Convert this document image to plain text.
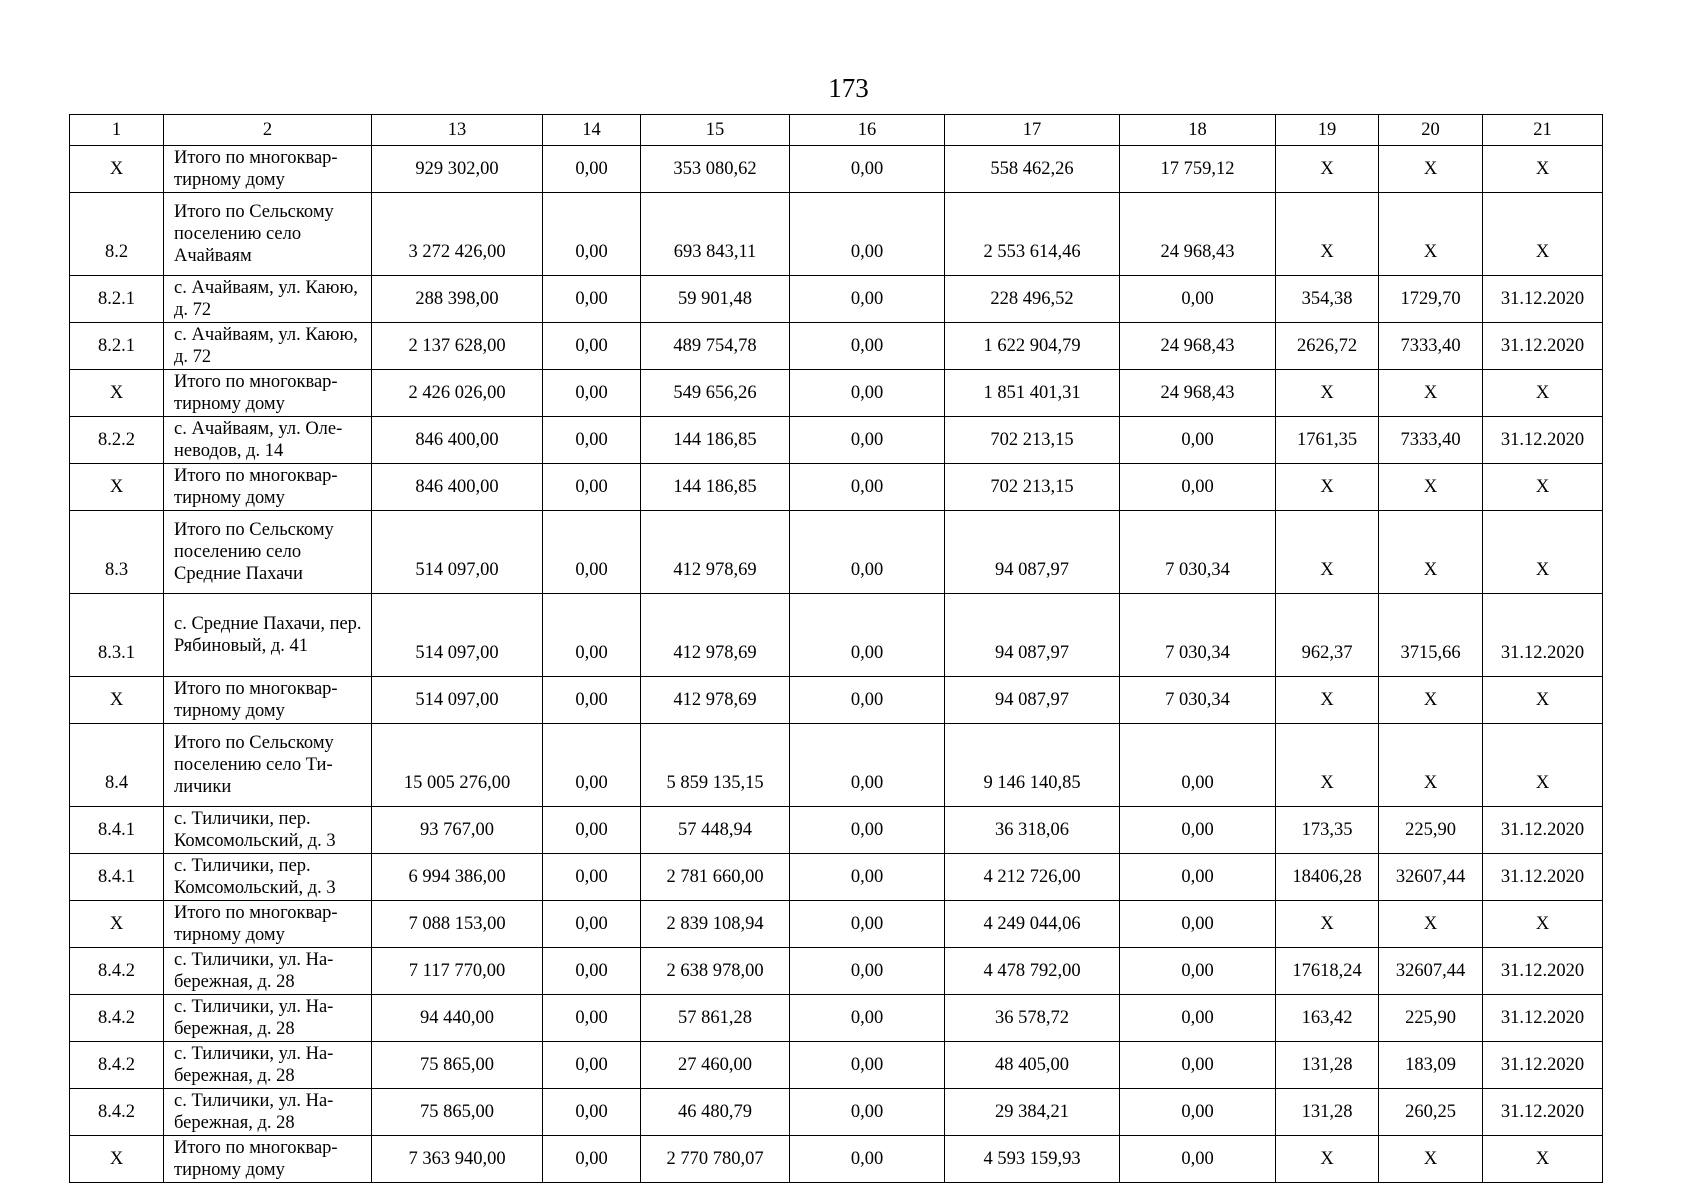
173
1	2	13	14	15	16	17	18	19	20	21
Х	Итого по многоквар-тирному дому	929 302,00	0,00	353 080,62	0,00	558 462,26	17 759,12	Х	Х	Х
8.2	Итого по Сельскому поселению село Ачайваям	3 272 426,00	0,00	693 843,11	0,00	2 553 614,46	24 968,43	Х	Х	Х
8.2.1	с. Ачайваям, ул. Каюю, д. 72	288 398,00	0,00	59 901,48	0,00	228 496,52	0,00	354,38	1729,70	31.12.2020
8.2.1	с. Ачайваям, ул. Каюю, д. 72	2 137 628,00	0,00	489 754,78	0,00	1 622 904,79	24 968,43	2626,72	7333,40	31.12.2020
Х	Итого по многоквар-тирному дому	2 426 026,00	0,00	549 656,26	0,00	1 851 401,31	24 968,43	Х	Х	Х
8.2.2	с. Ачайваям, ул. Оле-неводов, д. 14	846 400,00	0,00	144 186,85	0,00	702 213,15	0,00	1761,35	7333,40	31.12.2020
Х	Итого по многоквар-тирному дому	846 400,00	0,00	144 186,85	0,00	702 213,15	0,00	Х	Х	Х
8.3	Итого по Сельскому поселению село Средние Пахачи	514 097,00	0,00	412 978,69	0,00	94 087,97	7 030,34	Х	Х	Х
8.3.1	с. Средние Пахачи, пер. Рябиновый, д. 41	514 097,00	0,00	412 978,69	0,00	94 087,97	7 030,34	962,37	3715,66	31.12.2020
Х	Итого по многоквар-тирному дому	514 097,00	0,00	412 978,69	0,00	94 087,97	7 030,34	Х	Х	Х
8.4	Итого по Сельскому поселению село Ти-личики	15 005 276,00	0,00	5 859 135,15	0,00	9 146 140,85	0,00	Х	Х	Х
8.4.1	с. Тиличики, пер. Комсомольский, д. 3	93 767,00	0,00	57 448,94	0,00	36 318,06	0,00	173,35	225,90	31.12.2020
8.4.1	с. Тиличики, пер. Комсомольский, д. 3	6 994 386,00	0,00	2 781 660,00	0,00	4 212 726,00	0,00	18406,28	32607,44	31.12.2020
Х	Итого по многоквар-тирному дому	7 088 153,00	0,00	2 839 108,94	0,00	4 249 044,06	0,00	Х	Х	Х
8.4.2	с. Тиличики, ул. На-бережная, д. 28	7 117 770,00	0,00	2 638 978,00	0,00	4 478 792,00	0,00	17618,24	32607,44	31.12.2020
8.4.2	с. Тиличики, ул. На-бережная, д. 28	94 440,00	0,00	57 861,28	0,00	36 578,72	0,00	163,42	225,90	31.12.2020
8.4.2	с. Тиличики, ул. На-бережная, д. 28	75 865,00	0,00	27 460,00	0,00	48 405,00	0,00	131,28	183,09	31.12.2020
8.4.2	с. Тиличики, ул. На-бережная, д. 28	75 865,00	0,00	46 480,79	0,00	29 384,21	0,00	131,28	260,25	31.12.2020
Х	Итого по многоквар-тирному дому	7 363 940,00	0,00	2 770 780,07	0,00	4 593 159,93	0,00	Х	Х	Х
